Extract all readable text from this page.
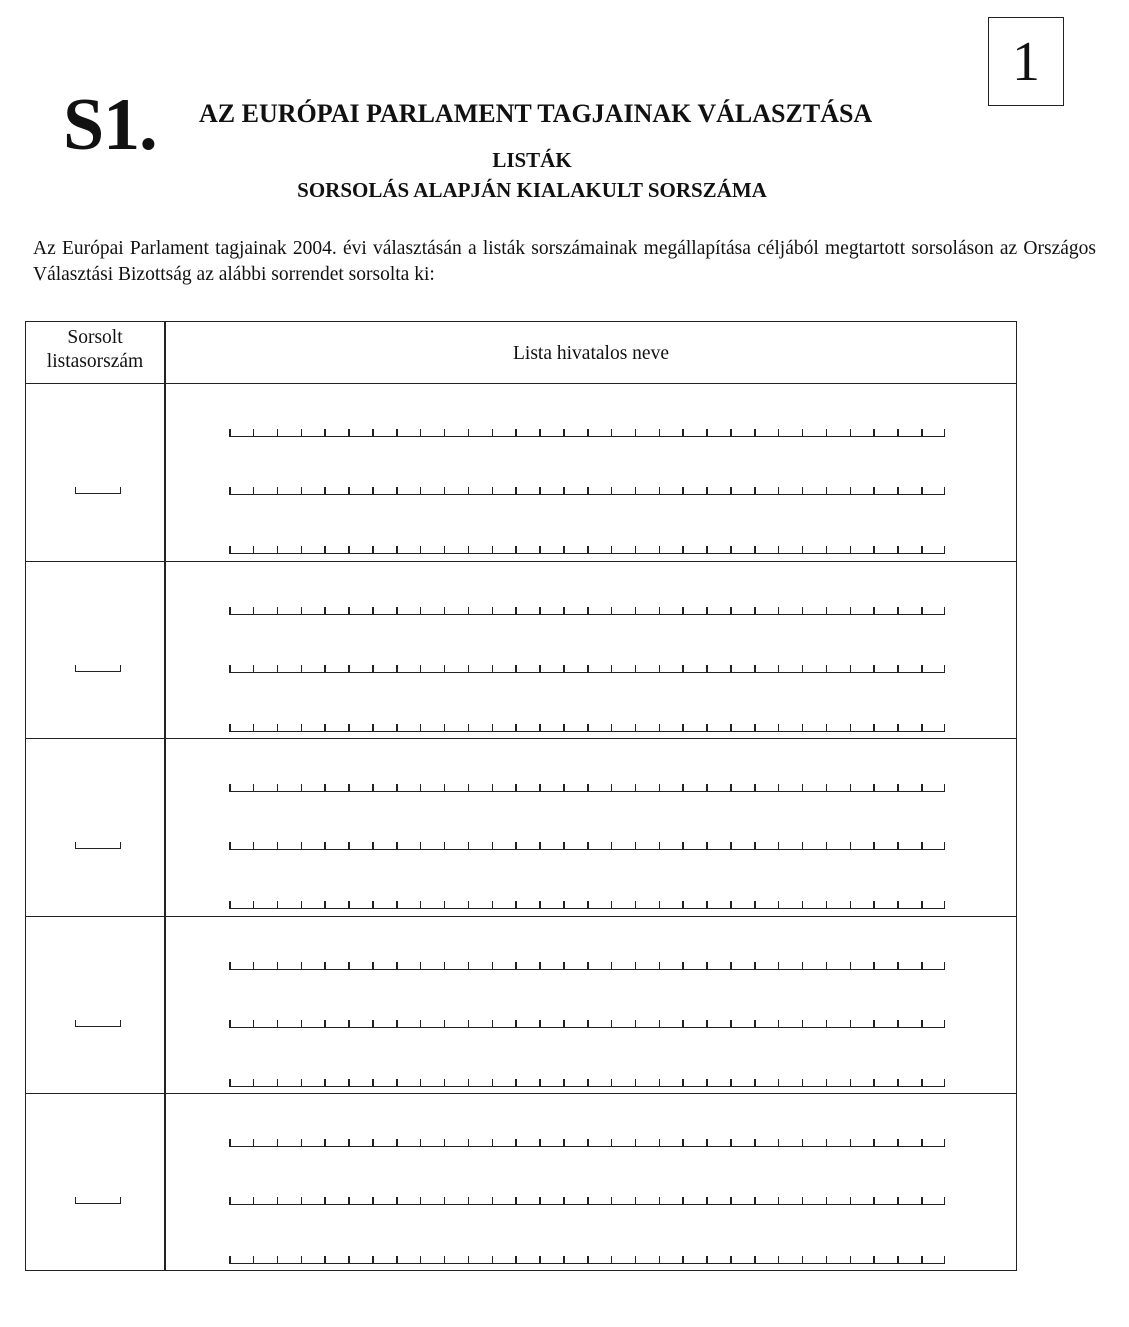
1
S1. AZ EURÓPAI PARLAMENT TAGJAINAK VÁLASZTÁSA
LISTÁK
SORSOLÁS ALAPJÁN KIALAKULT SORSZÁMA
Az Európai Parlament tagjainak 2004. évi választásán a listák sorszámainak megállapítása céljából megtartott sorsoláson az Országos Választási Bizottság az alábbi sorrendet sorsolta ki:
Sorsolt
listasorszám	Lista hivatalos neve
